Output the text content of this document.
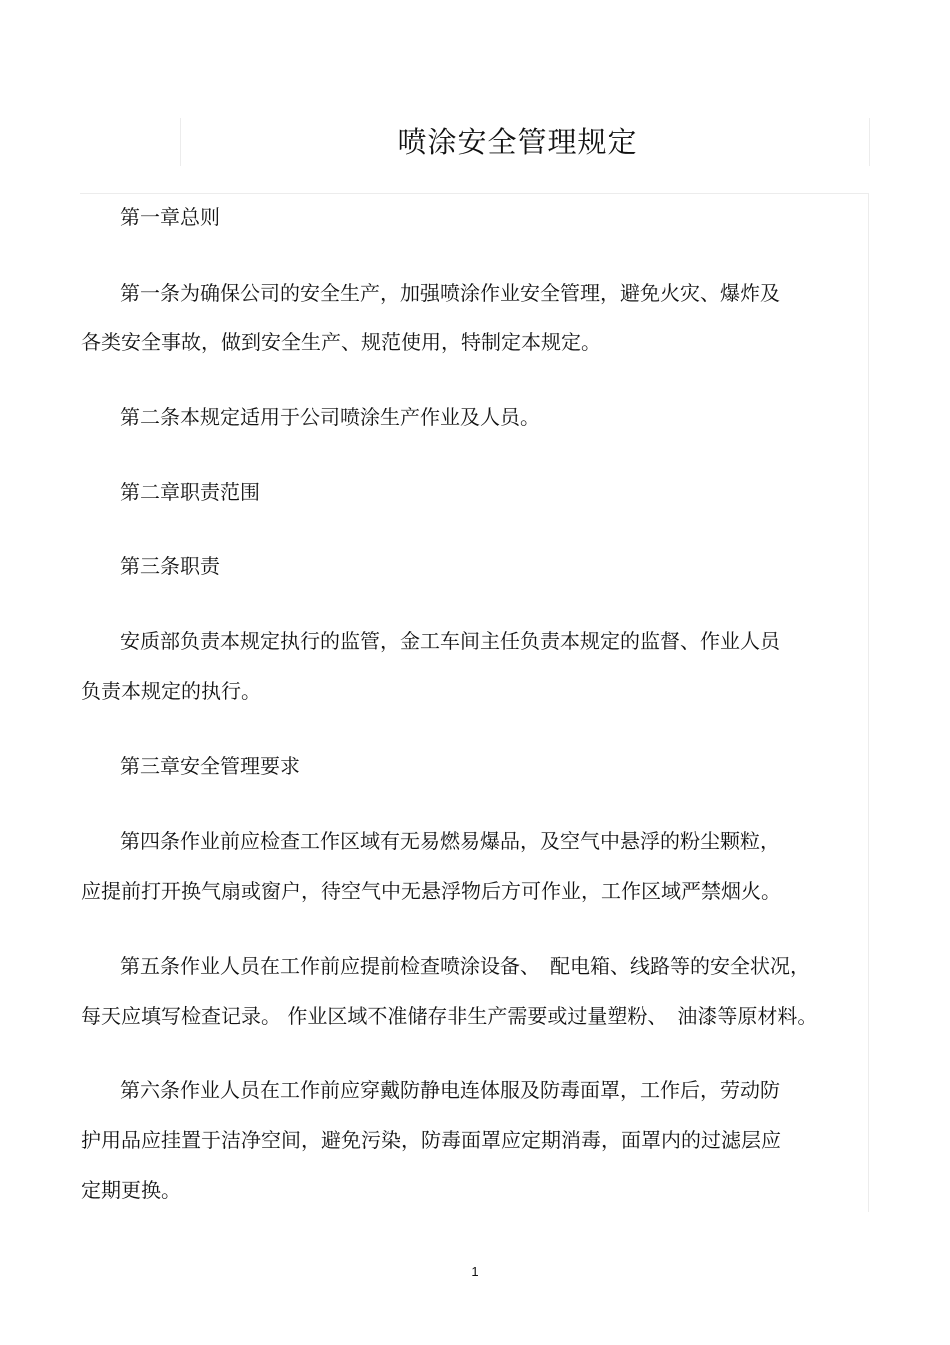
喷涂安全管理规定

第一章总则

第一条为确保公司的安全生产，加强喷涂作业安全管理，避免火灾、爆炸及

各类安全事故，做到安全生产、规范使用，特制定本规定。

第二条本规定适用于公司喷涂生产作业及人员。

第二章职责范围

第三条职责

安质部负责本规定执行的监管，金工车间主任负责本规定的监督、作业人员

负责本规定的执行。

第三章安全管理要求

第四条作业前应检查工作区域有无易燃易爆品，及空气中悬浮的粉尘颗粒，

应提前打开换气扇或窗户，待空气中无悬浮物后方可作业，工作区域严禁烟火。

第五条作业人员在工作前应提前检查喷涂设备、　配电箱、线路等的安全状况，

每天应填写检查记录。 作业区域不准储存非生产需要或过量塑粉、　油漆等原材料。

第六条作业人员在工作前应穿戴防静电连体服及防毒面罩，工作后，劳动防

护用品应挂置于洁净空间，避免污染，防毒面罩应定期消毒，面罩内的过滤层应

定期更换。

1
